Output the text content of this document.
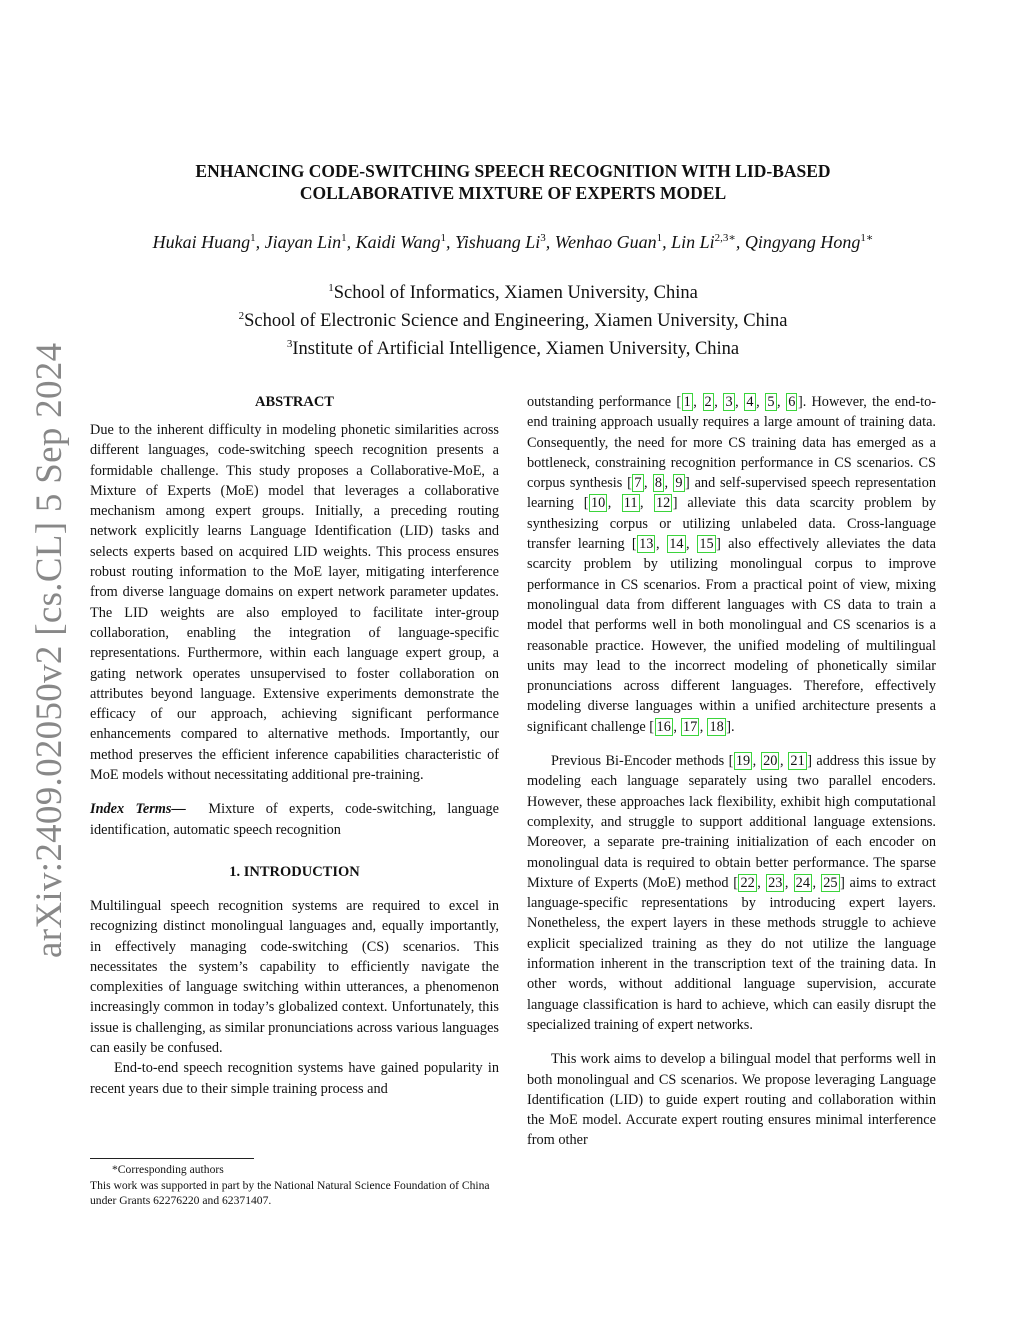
arXiv:2409.02050v2 [cs.CL] 5 Sep 2024
ENHANCING CODE-SWITCHING SPEECH RECOGNITION WITH LID-BASED
COLLABORATIVE MIXTURE OF EXPERTS MODEL
Hukai Huang$^1$, Jiayan Lin$^1$, Kaidi Wang$^1$, Yishuang Li$^3$, Wenhao Guan$^1$, Lin $Li^{2,3∗}$, Qingyang Hong$^{1∗}$
$^1$School of Informatics, Xiamen University, China
$^2$School of Electronic Science and Engineering, Xiamen University, China
$^3$Institute of Artificial Intelligence, Xiamen University, China
ABSTRACT

Due to the inherent difficulty in modeling phonetic similarities across different languages, code-switching speech recognition presents a formidable challenge. This study proposes a Collaborative-MoE, a Mixture of Experts (MoE) model that leverages a collaborative mechanism among expert groups. Initially, a preceding routing network explicitly learns Language Identification (LID) tasks and selects experts based on acquired LID weights. This process ensures robust routing information to the MoE layer, mitigating interference from diverse language domains on expert network parameter updates. The LID weights are also employed to facilitate inter-group collaboration, enabling the integration of language-specific representations. Furthermore, within each language expert group, a gating network operates unsupervised to foster collaboration on attributes beyond language. Extensive experiments demonstrate the efficacy of our approach, achieving significant performance enhancements compared to alternative methods. Importantly, our method preserves the efficient inference capabilities characteristic of MoE models without necessitating additional pre-training.

Index Terms— Mixture of experts, code-switching, language identification, automatic speech recognition

1. INTRODUCTION

Multilingual speech recognition systems are required to excel in recognizing distinct monolingual languages and, equally importantly, in effectively managing code-switching (CS) scenarios. This necessitates the system’s capability to efficiently navigate the complexities of language switching within utterances, a phenomenon increasingly common in today’s globalized context. Unfortunately, this issue is challenging, as similar pronunciations across various languages can easily be confused.

End-to-end speech recognition systems have gained popularity in recent years due to their simple training process and

*Corresponding authors
This work was supported in part by the National Natural Science Foundation of China under Grants 62276220 and 62371407.

outstanding performance [ 1 , 2 , 3 , 4 , 5 , 6 ]. However, the end-to-end training approach usually requires a large amount of training data. Consequently, the need for more CS training data has emerged as a bottleneck, constraining recognition performance in CS scenarios. CS corpus synthesis [ 7 , 8 , 9 ] and self-supervised speech representation learning [ 10 , 11 , 12 ] alleviate this data scarcity problem by synthesizing corpus or utilizing unlabeled data. Cross-language transfer learning [ 13 , 14 , 15 ] also effectively alleviates the data scarcity problem by utilizing monolingual corpus to improve performance in CS scenarios. From a practical point of view, mixing monolingual data from different languages with CS data to train a model that performs well in both monolingual and CS scenarios is a reasonable practice. However, the unified modeling of multilingual units may lead to the incorrect modeling of phonetically similar pronunciations across different languages. Therefore, effectively modeling diverse languages within a unified architecture presents a significant challenge [ 16 , 17 , 18 ].

Previous Bi-Encoder methods [ 19 , 20 , 21 ] address this issue by modeling each language separately using two parallel encoders. However, these approaches lack flexibility, exhibit high computational complexity, and struggle to support additional language extensions. Moreover, a separate pre-training initialization of each encoder on monolingual data is required to obtain better performance. The sparse Mixture of Experts (MoE) method [ 22 , 23 , 24 , 25 ] aims to extract language-specific representations by introducing expert layers. Nonetheless, the expert layers in these methods struggle to achieve explicit specialized training as they do not utilize the language information inherent in the transcription text of the training data. In other words, without additional language supervision, accurate language classification is hard to achieve, which can easily disrupt the specialized training of expert networks.

This work aims to develop a bilingual model that performs well in both monolingual and CS scenarios. We propose leveraging Language Identification (LID) to guide expert routing and collaboration within the MoE model. Accurate expert routing ensures minimal interference from other
